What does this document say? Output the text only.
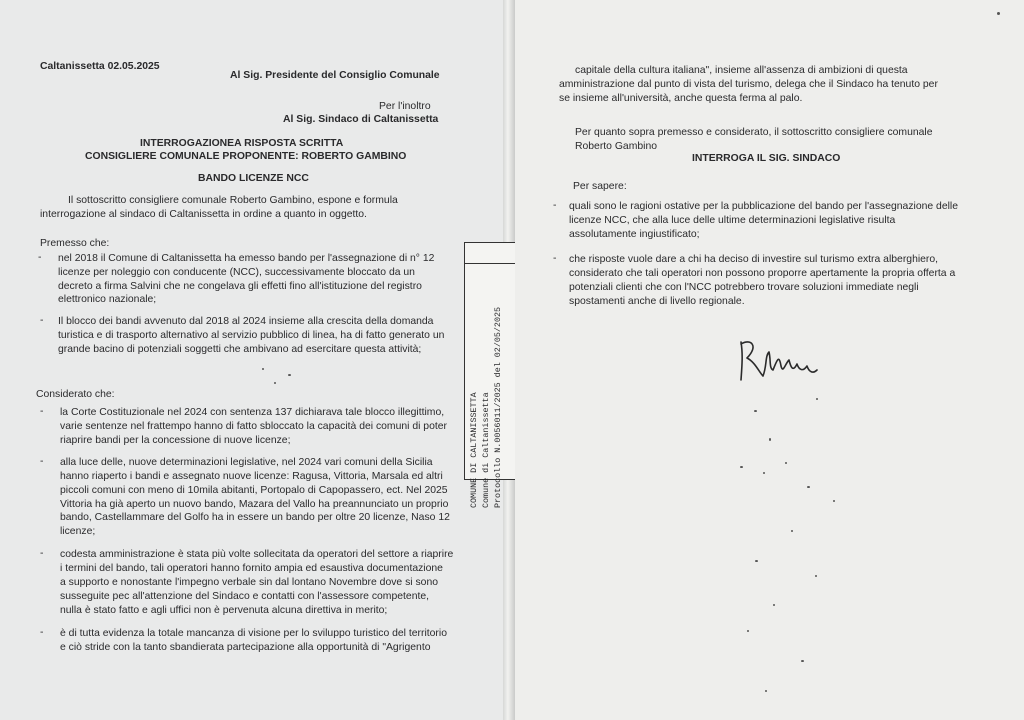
Caltanissetta 02.05.2025

Al Sig. Presidente del Consiglio Comunale

Per l'inoltro

Al Sig. Sindaco di Caltanissetta

INTERROGAZIONEA RISPOSTA SCRITTA

CONSIGLIERE COMUNALE PROPONENTE: ROBERTO GAMBINO

BANDO LICENZE NCC

Il sottoscritto consigliere comunale Roberto Gambino, espone e formula

interrogazione al sindaco di Caltanissetta in ordine a quanto in oggetto.

Premesso che:

- nel 2018 il Comune di Caltanissetta ha emesso bando per l'assegnazione di n° 12

licenze per noleggio con conducente (NCC), successivamente bloccato da un

decreto a firma Salvini che ne congelava gli effetti fino all'istituzione del registro

elettronico nazionale;

- Il blocco dei bandi avvenuto dal 2018 al 2024 insieme alla crescita della domanda

turistica e di trasporto alternativo al servizio pubblico di linea, ha di fatto generato un

grande bacino di potenziali soggetti che ambivano ad esercitare questa attività;

Considerato che:

- la Corte Costituzionale nel 2024 con sentenza 137 dichiarava tale blocco illegittimo,

varie sentenze nel frattempo hanno di fatto sbloccato la capacità dei comuni di poter

riaprire bandi per la concessione di nuove licenze;

- alla luce delle, nuove determinazioni legislative, nel 2024 vari comuni della Sicilia

hanno riaperto i bandi e assegnato nuove licenze: Ragusa, Vittoria, Marsala ed altri

piccoli comuni con meno di 10mila abitanti, Portopalo di Capopassero, ect. Nel 2025

Vittoria ha già aperto un nuovo bando, Mazara del Vallo ha preannunciato un proprio

bando, Castellammare del Golfo ha in essere un bando per oltre 20 licenze, Naso 12

licenze;

- codesta amministrazione è stata più volte sollecitata da operatori del settore a riaprire

i termini del bando, tali operatori hanno fornito ampia ed esaustiva documentazione

a supporto e nonostante l'impegno verbale sin dal lontano Novembre dove si sono

susseguite pec all'attenzione del Sindaco e contatti con l'assessore competente,

nulla è stato fatto e agli uffici non è pervenuta alcuna direttiva in merito;

- è di tutta evidenza la totale mancanza di visione per lo sviluppo turistico del territorio

e ciò stride con la tanto sbandierata partecipazione alla opportunità di "Agrigento

COMUNE DI CALTANISSETTA Comune di Caltanissetta Protocollo N.0056011/2025 del 02/05/2025

capitale della cultura italiana", insieme all'assenza di ambizioni di questa

amministrazione dal punto di vista del turismo, delega che il Sindaco ha tenuto per

se insieme all'università, anche questa ferma al palo.

Per quanto sopra premesso e considerato, il sottoscritto consigliere comunale

Roberto Gambino

INTERROGA IL SIG. SINDACO

Per sapere:

- quali sono le ragioni ostative per la pubblicazione del bando per l'assegnazione delle

licenze NCC, che alla luce delle ultime determinazioni legislative risulta

assolutamente ingiustificato;

- che risposte vuole dare a chi ha deciso di investire sul turismo extra alberghiero,

considerato che tali operatori non possono proporre apertamente la propria offerta a

potenziali clienti che con l'NCC potrebbero trovare soluzioni immediate negli

spostamenti anche di livello regionale.
